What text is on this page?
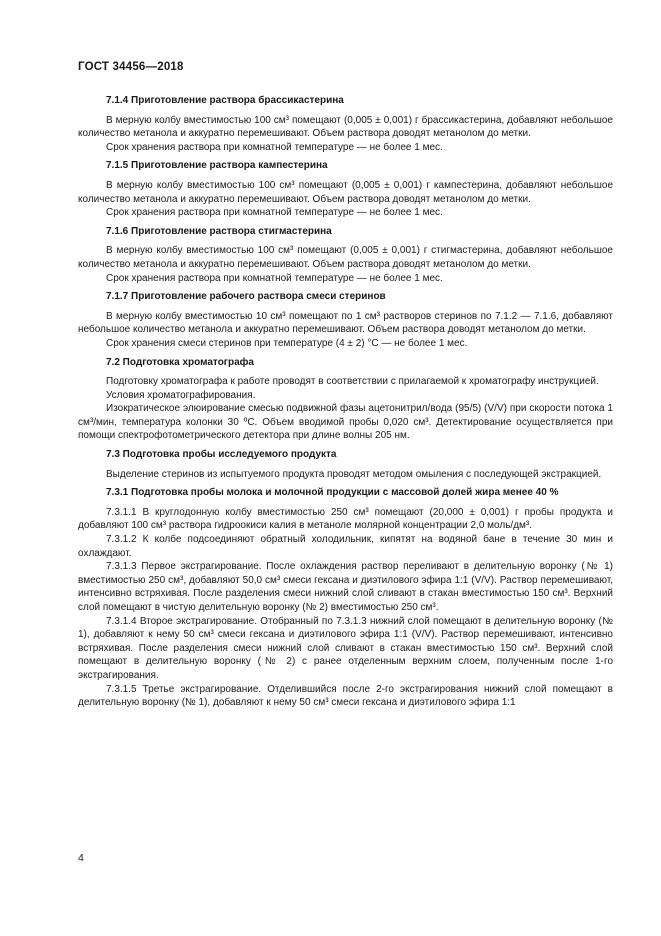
ГОСТ 34456—2018

7.1.4 Приготовление раствора брассикастерина

В мерную колбу вместимостью 100 см³ помещают (0,005 ± 0,001) г брассикастерина, добавляют небольшое количество метанола и аккуратно перемешивают. Объем раствора доводят метанолом до метки.

Срок хранения раствора при комнатной температуре — не более 1 мес.

7.1.5 Приготовление раствора кампестерина

В мерную колбу вместимостью 100 см³ помещают (0,005 ± 0,001) г кампестерина, добавляют небольшое количество метанола и аккуратно перемешивают. Объем раствора доводят метанолом до метки.

Срок хранения раствора при комнатной температуре — не более 1 мес.

7.1.6 Приготовление раствора стигмастерина

В мерную колбу вместимостью 100 см³ помещают (0,005 ± 0,001) г стигмастерина, добавляют небольшое количество метанола и аккуратно перемешивают. Объем раствора доводят метанолом до метки.

Срок хранения раствора при комнатной температуре — не более 1 мес.

7.1.7 Приготовление рабочего раствора смеси стеринов

В мерную колбу вместимостью 10 см³ помещают по 1 см³ растворов стеринов по 7.1.2 — 7.1.6, добавляют небольшое количество метанола и аккуратно перемешивают. Объем раствора доводят метанолом до метки.

Срок хранения смеси стеринов при температуре (4 ± 2) °С — не более 1 мес.

7.2 Подготовка хроматографа

Подготовку хроматографа к работе проводят в соответствии с прилагаемой к хроматографу инструкцией.

Условия хроматографирования.

Изократическое элюирование смесью подвижной фазы ацетонитрил/вода (95/5) (V/V) при скорости потока 1 см³/мин, температура колонки 30 ºС. Объем вводимой пробы 0,020 см³. Детектирование осуществляется при помощи спектрофотометрического детектора при длине волны 205 нм.

7.3 Подготовка пробы исследуемого продукта

Выделение стеринов из испытуемого продукта проводят методом омыления с последующей экстракцией.

7.3.1 Подготовка пробы молока и молочной продукции с массовой долей жира менее 40 %

7.3.1.1 В круглодонную колбу вместимостью 250 см³ помещают (20,000 ± 0,001) г пробы продукта и добавляют 100 см³ раствора гидроокиси калия в метаноле молярной концентрации 2,0 моль/дм³.

7.3.1.2 К колбе подсоединяют обратный холодильник, кипятят на водяной бане в течение 30 мин и охлаждают.

7.3.1.3 Первое экстрагирование. После охлаждения раствор переливают в делительную воронку (№ 1) вместимостью 250 см³, добавляют 50,0 см³ смеси гексана и диэтилового эфира 1:1 (V/V). Раствор перемешивают, интенсивно встряхивая. После разделения смеси нижний слой сливают в стакан вместимостью 150 см³. Верхний слой помещают в чистую делительную воронку (№ 2) вместимостью 250 см³.

7.3.1.4 Второе экстрагирование. Отобранный по 7.3.1.3 нижний слой помещают в делительную воронку (№ 1), добавляют к нему 50 см³ смеси гексана и диэтилового эфира 1:1 (V/V). Раствор перемешивают, интенсивно встряхивая. После разделения смеси нижний слой сливают в стакан вместимостью 150 см³. Верхний слой помещают в делительную воронку (№ 2) с ранее отделенным верхним слоем, полученным после 1-го экстрагирования.

7.3.1.5 Третье экстрагирование. Отделившийся после 2-го экстрагирования нижний слой помещают в делительную воронку (№ 1), добавляют к нему 50 см³ смеси гексана и диэтилового эфира 1:1

4
